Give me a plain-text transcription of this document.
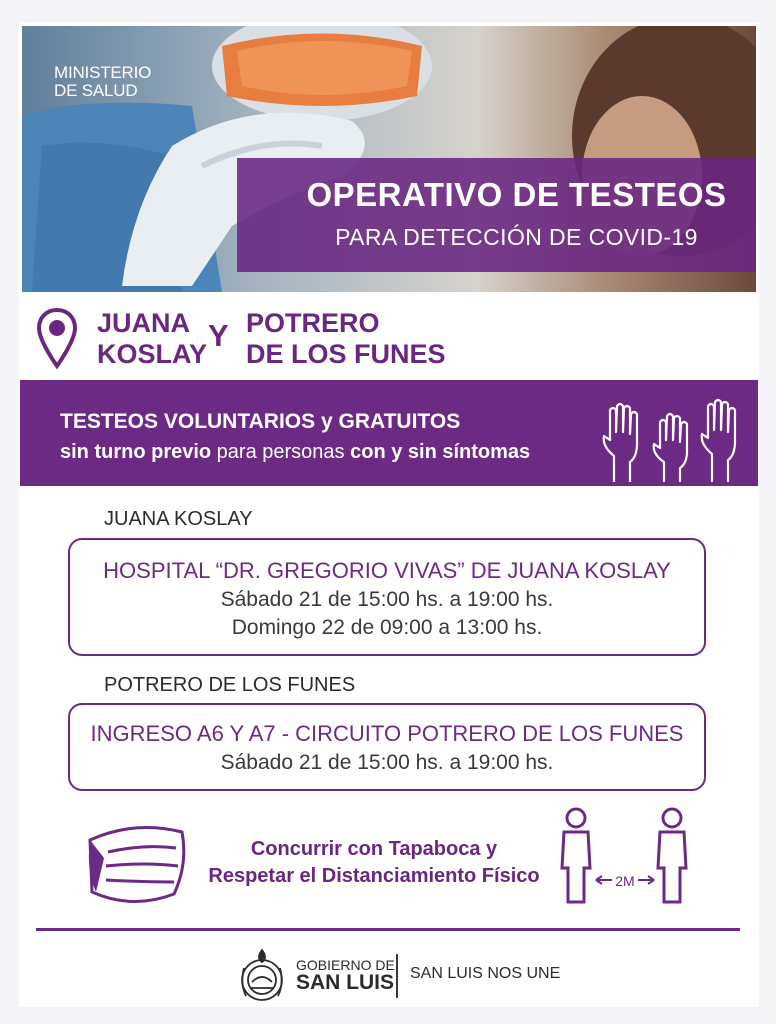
MINISTERIO
DE SALUD
OPERATIVO DE TESTEOS
PARA DETECCIÓN DE COVID-19
JUANA
KOSLAY
Y POTRERO
DE LOS FUNES
TESTEOS VOLUNTARIOS y GRATUITOS
sin turno previo para personas con y sin síntomas
JUANA KOSLAY
HOSPITAL “DR. GREGORIO VIVAS” DE JUANA KOSLAY
Sábado 21 de 15:00 hs. a 19:00 hs.
Domingo 22 de 09:00 a 13:00 hs.
POTRERO DE LOS FUNES
INGRESO A6 Y A7 - CIRCUITO POTRERO DE LOS FUNES
Sábado 21 de 15:00 hs. a 19:00 hs.
Concurrir con Tapaboca y
Respetar el Distanciamiento Físico	2M
GOBIERNO DE
SAN LUIS SAN LUIS NOS UNE
